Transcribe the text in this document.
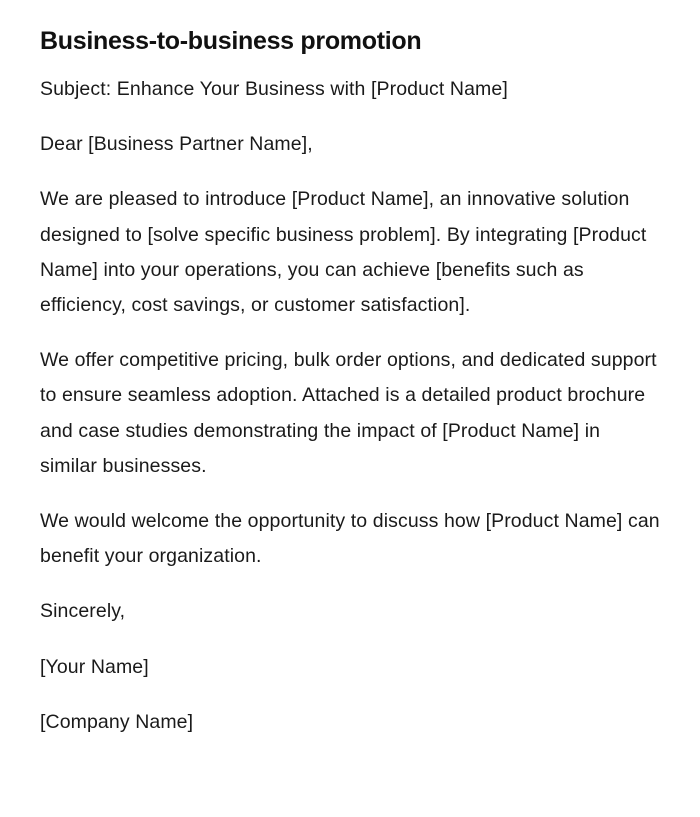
Business-to-business promotion

Subject: Enhance Your Business with [Product Name]

Dear [Business Partner Name],

We are pleased to introduce [Product Name], an innovative solution designed to [solve specific business problem]. By integrating [Product Name] into your operations, you can achieve [benefits such as efficiency, cost savings, or customer satisfaction].

We offer competitive pricing, bulk order options, and dedicated support to ensure seamless adoption. Attached is a detailed product brochure and case studies demonstrating the impact of [Product Name] in similar businesses.

We would welcome the opportunity to discuss how [Product Name] can benefit your organization.

Sincerely,

[Your Name]

[Company Name]
